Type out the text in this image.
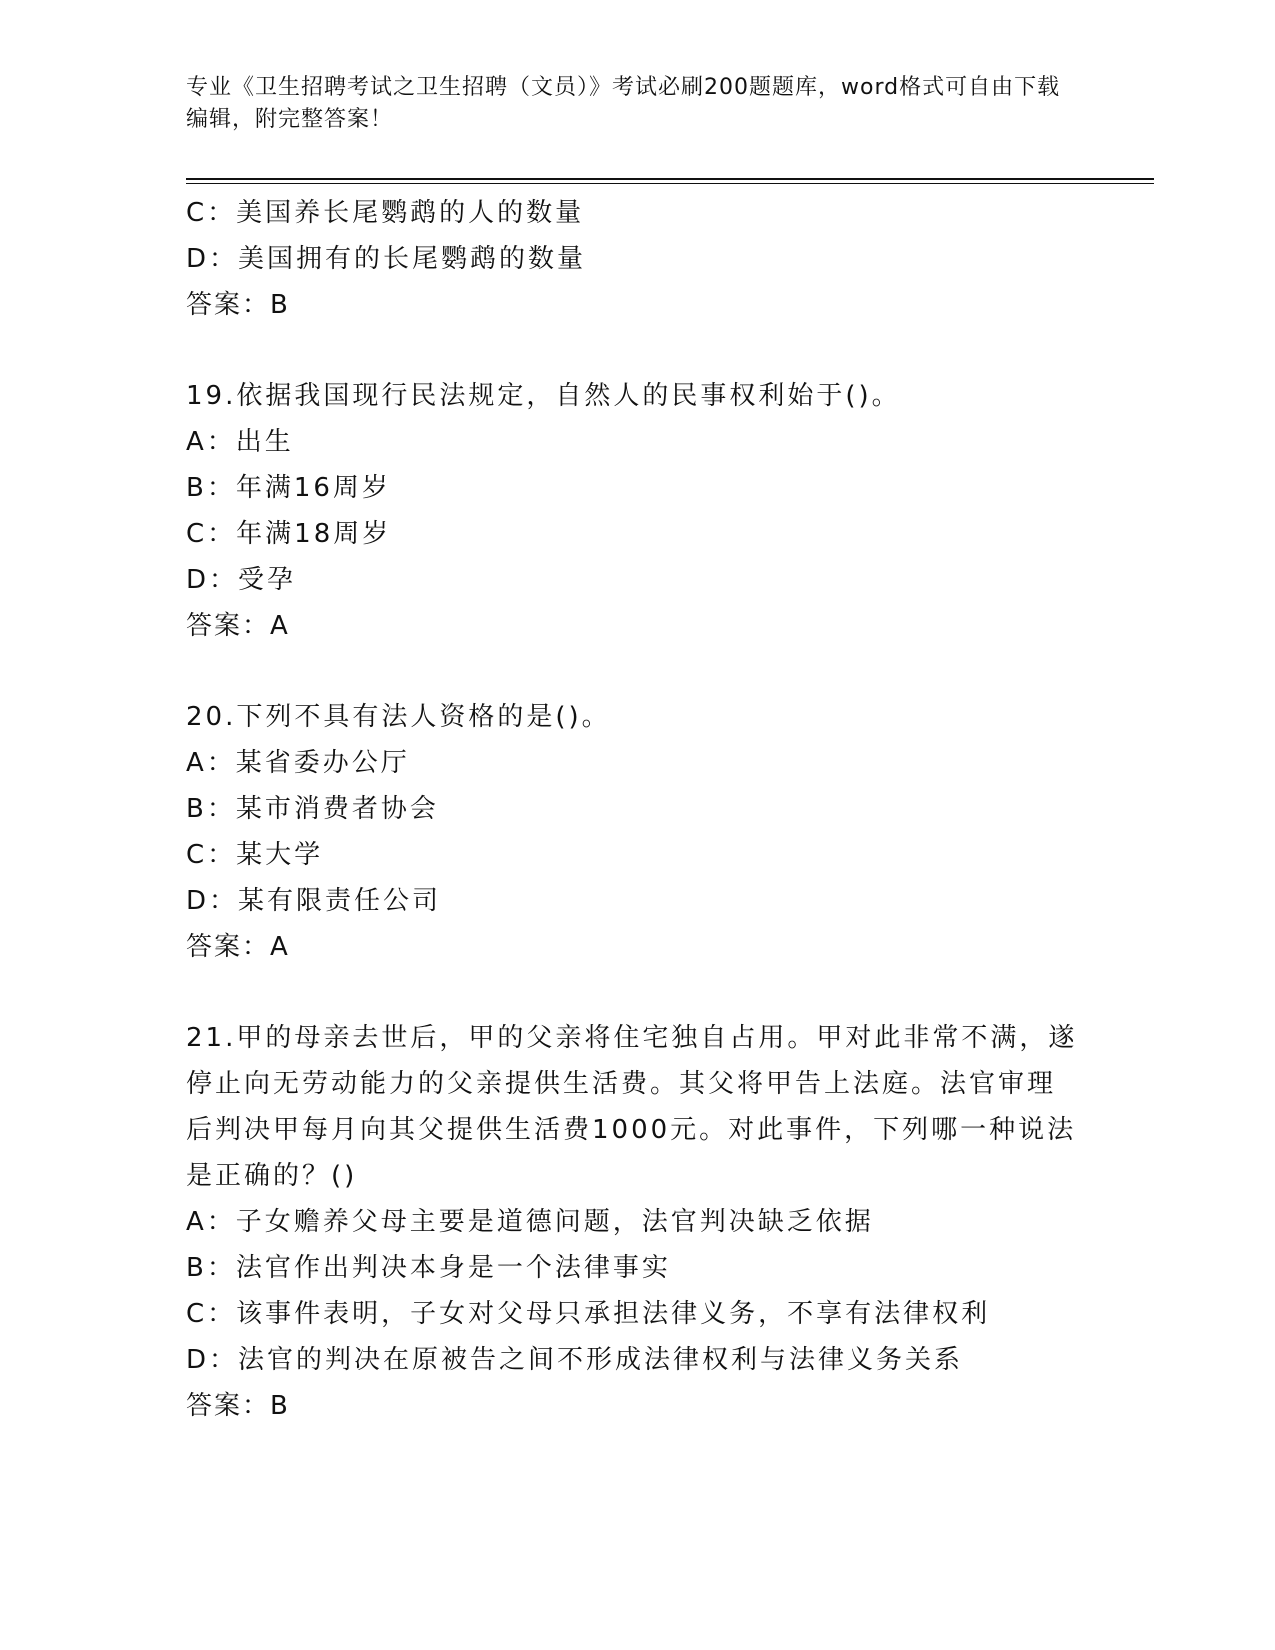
专业《卫生招聘考试之卫生招聘（文员）》考试必刷200题题库，word格式可自由下载编辑，附完整答案！
C：美国养长尾鹦鹉的人的数量
D：美国拥有的长尾鹦鹉的数量
答案：B
19.依据我国现行民法规定，自然人的民事权利始于()。
A：出生
B：年满16周岁
C：年满18周岁
D：受孕
答案：A
20.下列不具有法人资格的是()。
A：某省委办公厅
B：某市消费者协会
C：某大学
D：某有限责任公司
答案：A
21.甲的母亲去世后，甲的父亲将住宅独自占用。甲对此非常不满，遂
停止向无劳动能力的父亲提供生活费。其父将甲告上法庭。法官审理
后判决甲每月向其父提供生活费1000元。对此事件，下列哪一种说法
是正确的？()
A：子女赡养父母主要是道德问题，法官判决缺乏依据
B：法官作出判决本身是一个法律事实
C：该事件表明，子女对父母只承担法律义务，不享有法律权利
D：法官的判决在原被告之间不形成法律权利与法律义务关系
答案：B
